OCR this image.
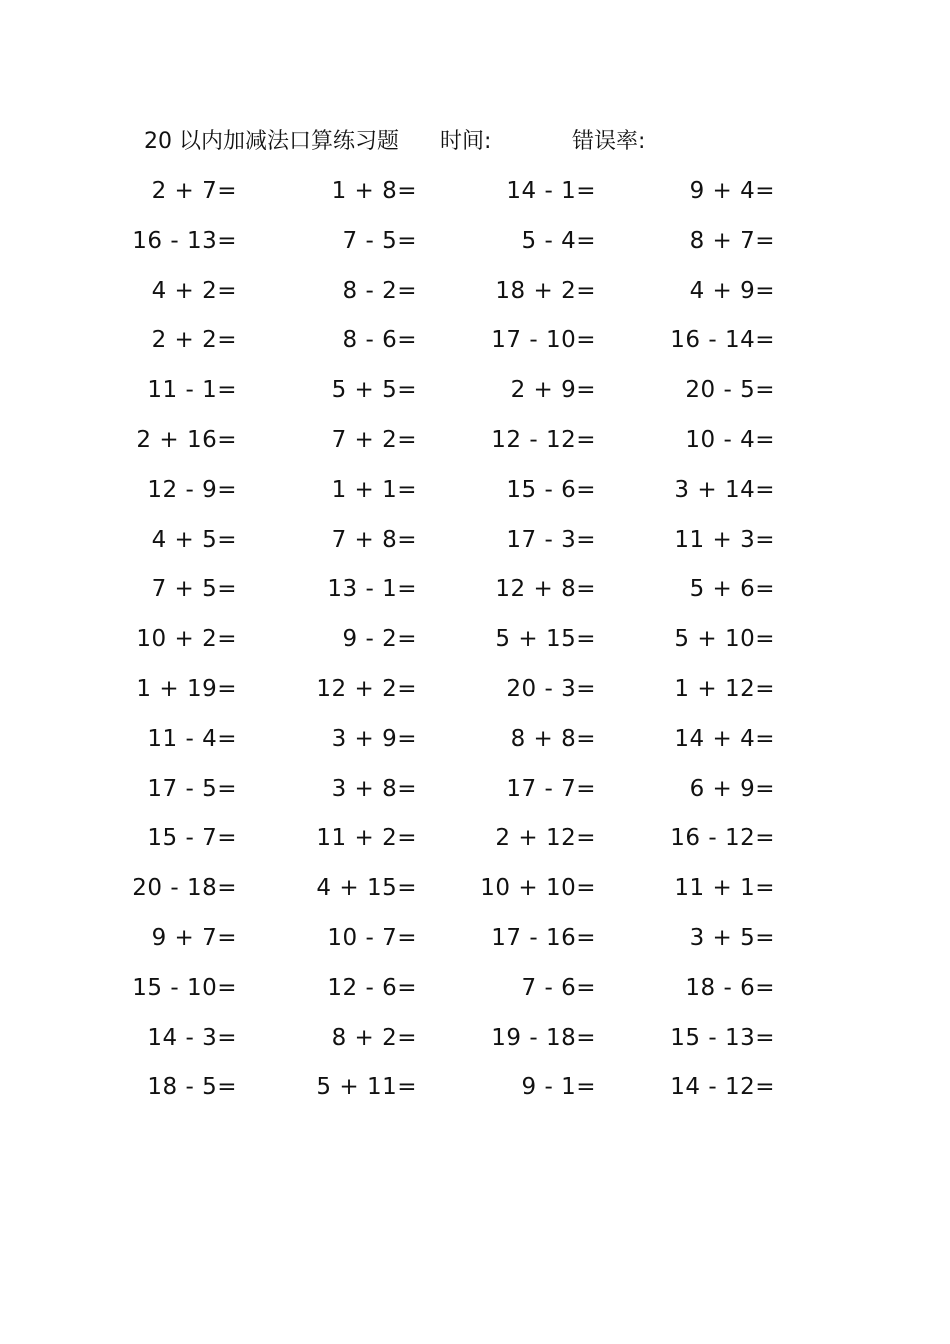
20 以内加减法口算练习题 时间:	错误率:
2 + 7=	1 + 8=	14 - 1=	9 + 4=
16 - 13=	7 - 5=	5 - 4=	8 + 7=
4 + 2=	8 - 2=	18 + 2=	4 + 9=
2 + 2=	8 - 6=	17 - 10=	16 - 14=
11 - 1=	5 + 5=	2 + 9=	20 - 5=
2 + 16=	7 + 2=	12 - 12=	10 - 4=
12 - 9=	1 + 1=	15 - 6=	3 + 14=
4 + 5=	7 + 8=	17 - 3=	11 + 3=
7 + 5=	13 - 1=	12 + 8=	5 + 6=
10 + 2=	9 - 2=	5 + 15=	5 + 10=
1 + 19=	12 + 2=	20 - 3=	1 + 12=
11 - 4=	3 + 9=	8 + 8=	14 + 4=
17 - 5=	3 + 8=	17 - 7=	6 + 9=
15 - 7=	11 + 2=	2 + 12=	16 - 12=
20 - 18=	4 + 15=	10 + 10=	11 + 1=
9 + 7=	10 - 7=	17 - 16=	3 + 5=
15 - 10=	12 - 6=	7 - 6=	18 - 6=
14 - 3=	8 + 2=	19 - 18=	15 - 13=
18 - 5=	5 + 11=	9 - 1=	14 - 12=
